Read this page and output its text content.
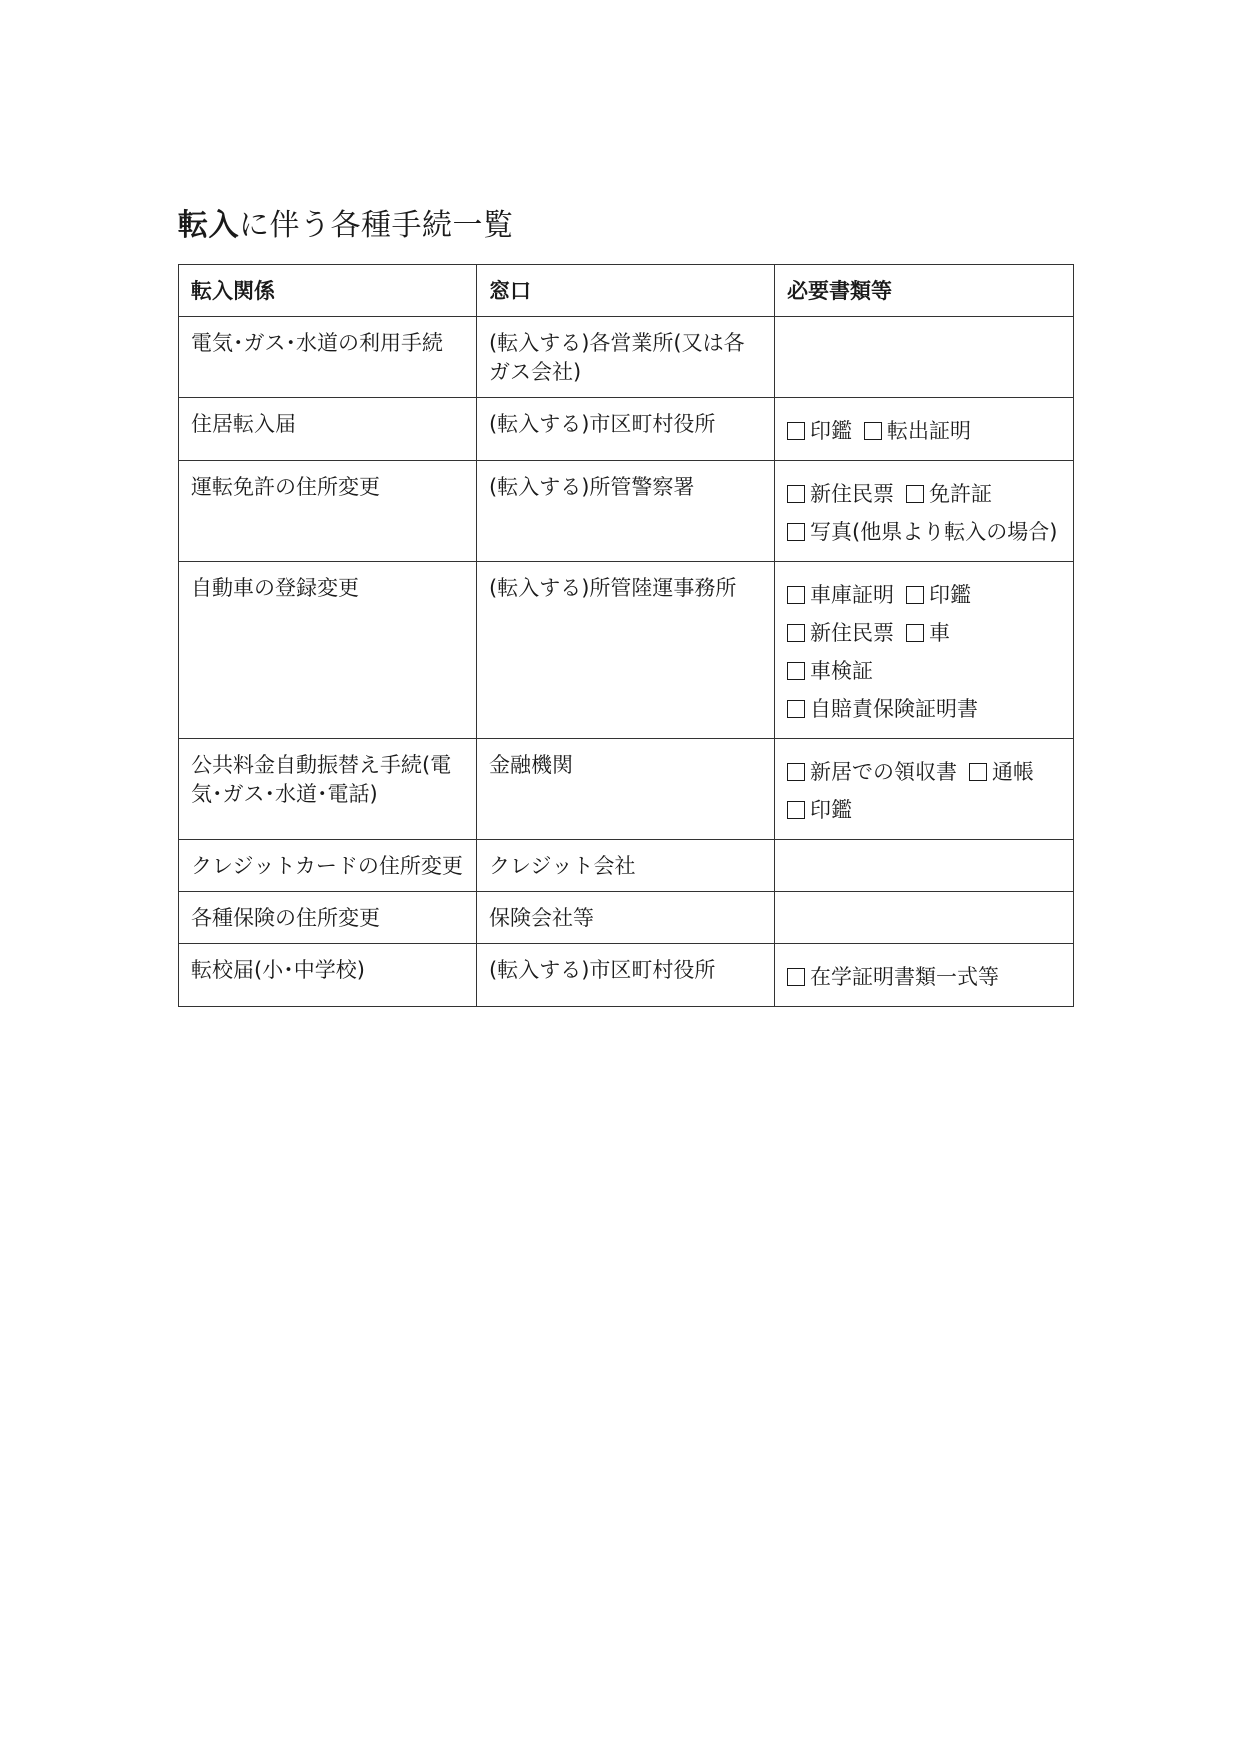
転入に伴う各種手続一覧
転入関係	窓口	必要書類等

電気･ガス･水道の利用手続	(転入する)各営業所(又は各ガス会社)	

住居転入届	(転入する)市区町村役所	印鑑 転出証明

運転免許の住所変更	(転入する)所管警察署	新住民票 免許証
写真(他県より転入の場合)

自動車の登録変更	(転入する)所管陸運事務所	車庫証明 印鑑
新住民票 車
車検証
自賠責保険証明書

公共料金自動振替え手続(電気･ガス･水道･電話)	金融機関	新居での領収書 通帳
印鑑

クレジットカードの住所変更	クレジット会社	

各種保険の住所変更	保険会社等	

転校届(小･中学校)	(転入する)市区町村役所	在学証明書類一式等
